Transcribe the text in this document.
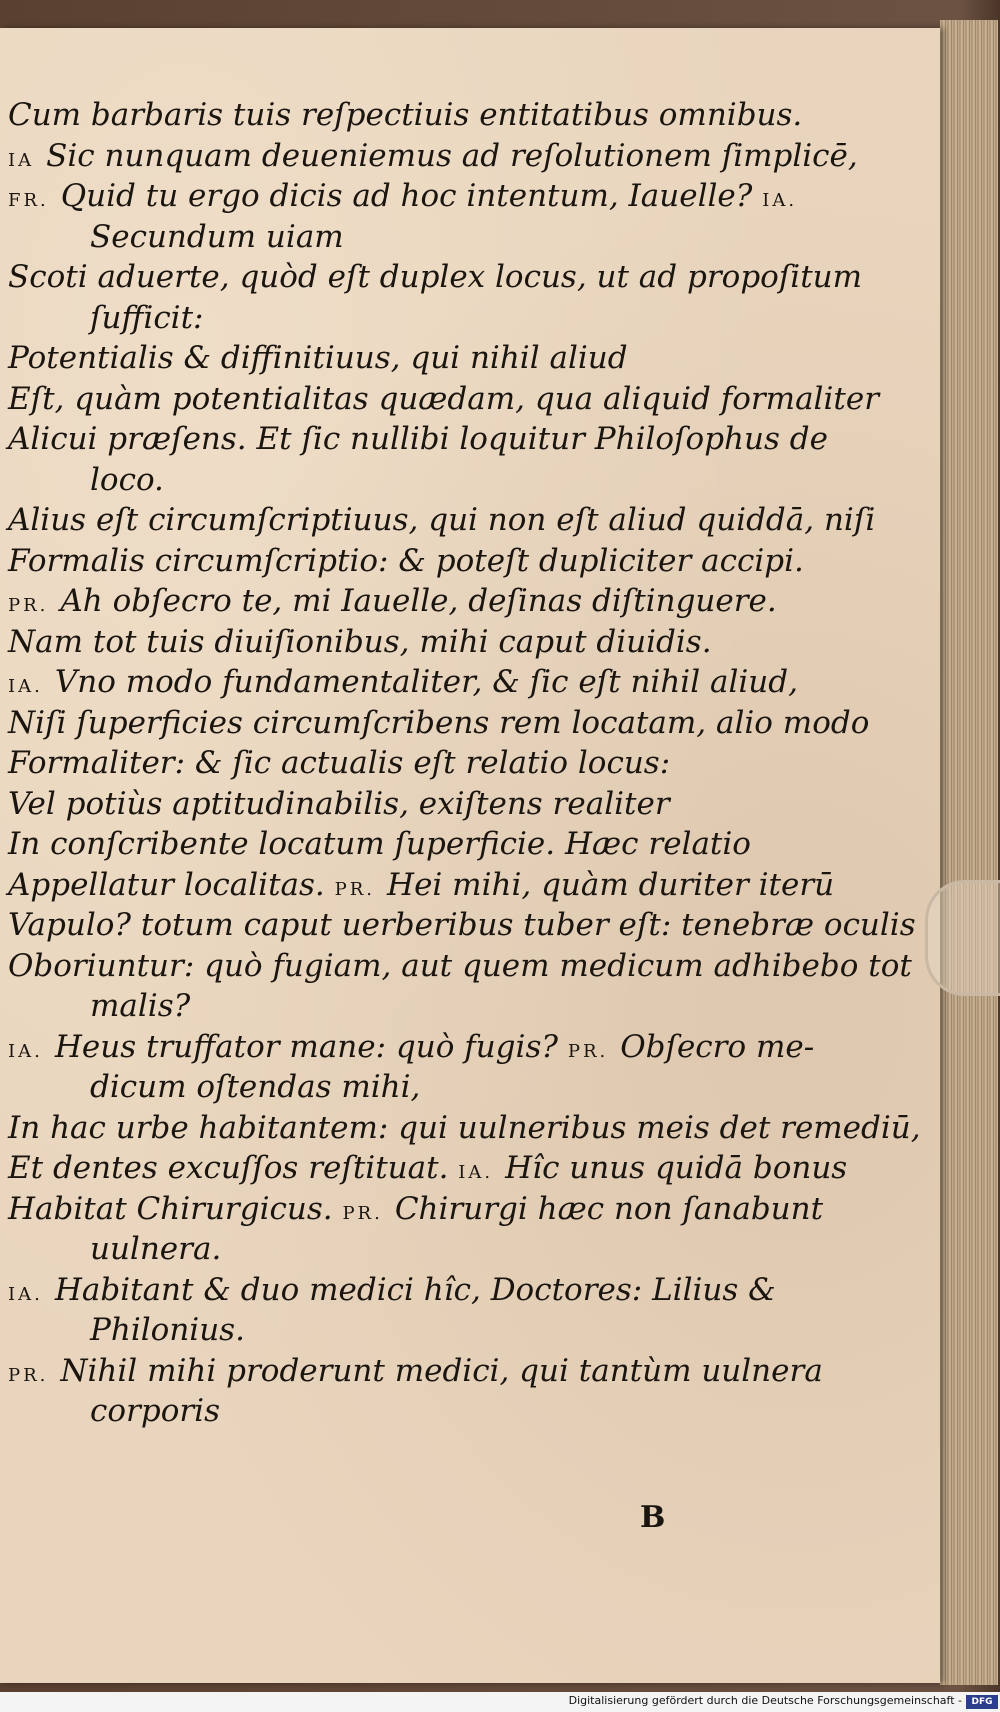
Cum barbaris tuis reſpectiuis entitatibus omnibus.
IA Sic nunquam deueniemus ad reſolutionem ſimplicē,
FR. Quid tu ergo dicis ad hoc intentum, Iauelle? IA.
Secundum uiam
Scoti aduerte, quòd eſt duplex locus, ut ad propoſitum
ſufficit:
Potentialis & diffinitiuus, qui nihil aliud
Eſt, quàm potentialitas quædam, qua aliquid formaliter
Alicui præſens. Et ſic nullibi loquitur Philoſophus de
loco.
Alius eſt circumſcriptiuus, qui non eſt aliud quiddā, niſi
Formalis circumſcriptio: & poteſt dupliciter accipi.
PR. Ah obſecro te, mi Iauelle, deſinas diſtinguere.
Nam tot tuis diuiſionibus, mihi caput diuidis.
IA. Vno modo fundamentaliter, & ſic eſt nihil aliud,
Niſi ſuperficies circumſcribens rem locatam, alio modo
Formaliter: & ſic actualis eſt relatio locus:
Vel potiùs aptitudinabilis, exiſtens realiter
In conſcribente locatum ſuperficie. Hæc relatio
Appellatur localitas. PR. Hei mihi, quàm duriter iterū
Vapulo? totum caput uerberibus tuber eſt: tenebræ oculis
Oboriuntur: quò fugiam, aut quem medicum adhibebo tot
malis?
IA. Heus truffator mane: quò fugis? PR. Obſecro me-
dicum oſtendas mihi,
In hac urbe habitantem: qui uulneribus meis det remediū,
Et dentes excuſſos reſtituat. IA. Hîc unus quidā bonus
Habitat Chirurgicus. PR. Chirurgi hæc non ſanabunt
uulnera.
IA. Habitant & duo medici hîc, Doctores: Lilius &
Philonius.
PR. Nihil mihi proderunt medici, qui tantùm uulnera
corporis
B
Digitalisierung gefördert durch die Deutsche Forschungsgemeinschaft -	DFG
